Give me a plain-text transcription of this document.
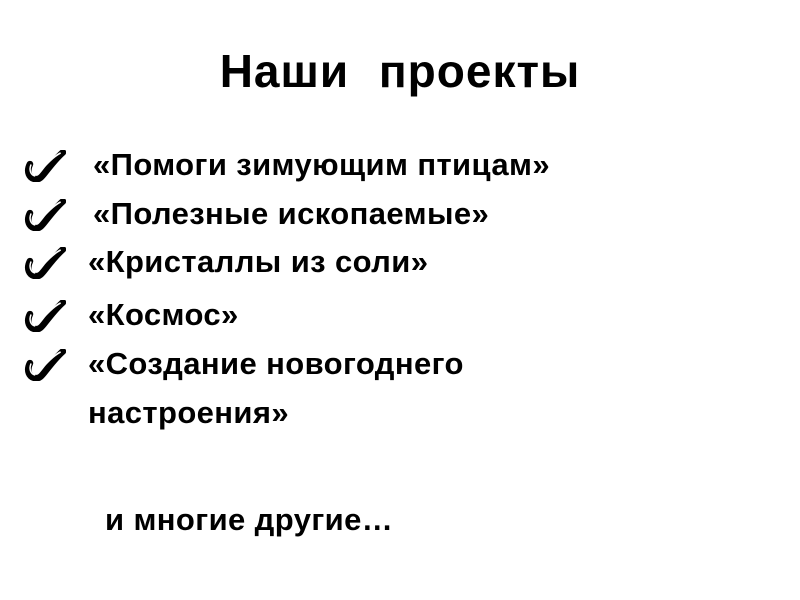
Наши проекты
«Помоги зимующим птицам»
«Полезные ископаемые»
«Кристаллы из соли»
«Космос»
«Создание новогоднего настроения»
и многие другие…
